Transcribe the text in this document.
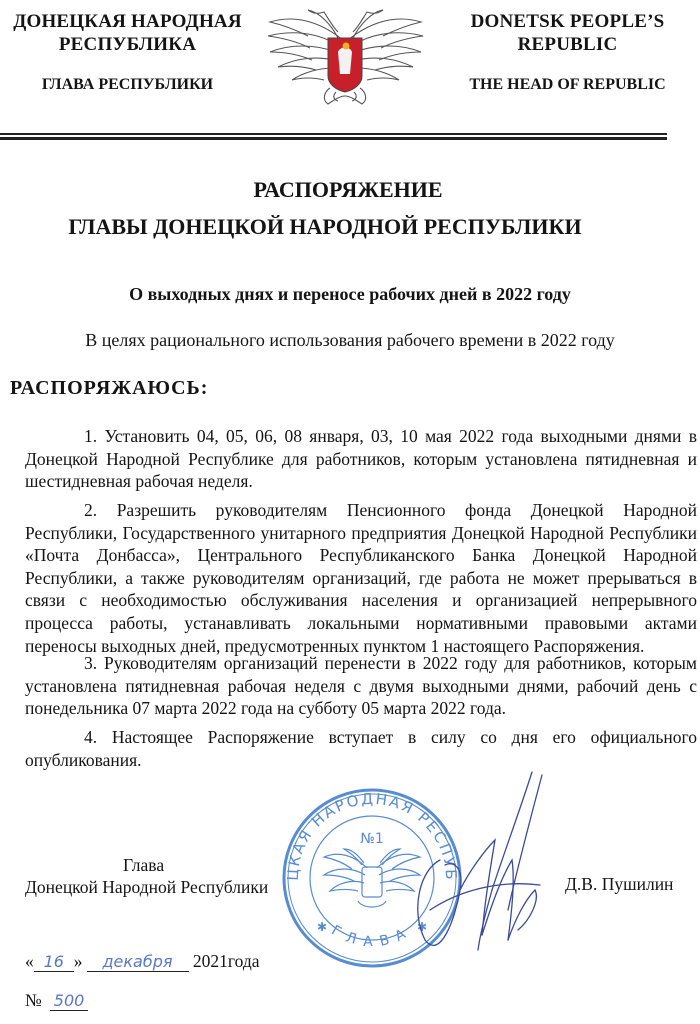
ДОНЕЦКАЯ НАРОДНАЯ РЕСПУБЛИКА
ГЛАВА РЕСПУБЛИКИ
DONETSK PEOPLE’S REPUBLIC
THE HEAD OF REPUBLIC
РАСПОРЯЖЕНИЕ
ГЛАВЫ ДОНЕЦКОЙ НАРОДНОЙ РЕСПУБЛИКИ
О выходных днях и переносе рабочих дней в 2022 году
В целях рационального использования рабочего времени в 2022 году
РАСПОРЯЖАЮСЬ:
1. Установить 04, 05, 06, 08 января, 03, 10 мая 2022 года выходными днями в Донецкой Народной Республике для работников, которым установлена пятидневная и шестидневная рабочая неделя.
2. Разрешить руководителям Пенсионного фонда Донецкой Народной Республики, Государственного унитарного предприятия Донецкой Народной Республики «Почта Донбасса», Центрального Республиканского Банка Донецкой Народной Республики, а также руководителям организаций, где работа не может прерываться в связи с необходимостью обслуживания населения и организацией непрерывного процесса работы, устанавливать локальными нормативными правовыми актами переносы выходных дней, предусмотренных пунктом 1 настоящего Распоряжения.
3. Руководителям организаций перенести в 2022 году для работников, которым установлена пятидневная рабочая неделя с двумя выходными днями, рабочий день с понедельника 07 марта 2022 года на субботу 05 марта 2022 года.
4. Настоящее Распоряжение вступает в силу со дня его официального опубликования.
Глава
Донецкой Народной Республики	Д.В. Пушилин
ЦКАЯ НАРОДНАЯ РЕСПУБ
ГЛАВА
✱	✱
№1
« 16 » декабря 2021года
№ 500
